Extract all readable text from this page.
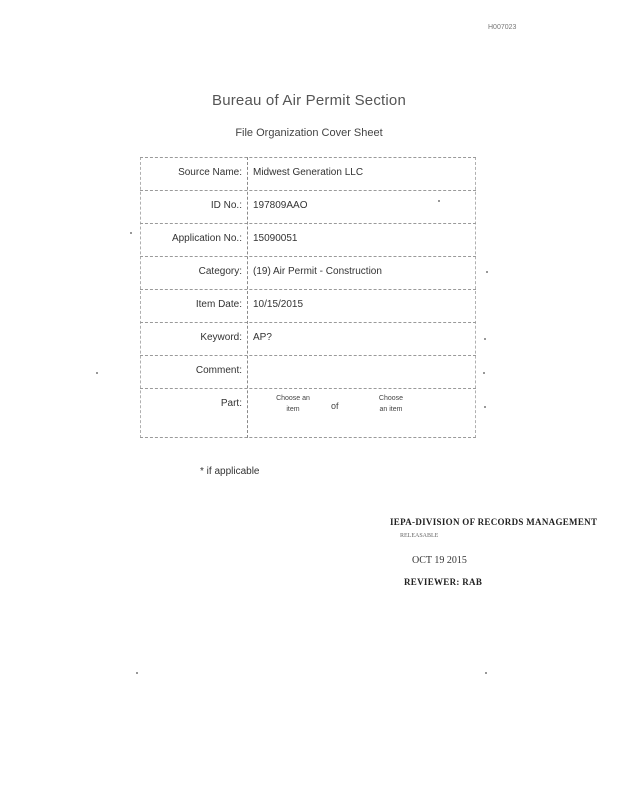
H007023
Bureau of Air Permit Section
File Organization Cover Sheet
Source Name: Midwest Generation LLC
ID No.: 197809AAO
Application No.: 15090051
Category: (19) Air Permit - Construction
Item Date: 10/15/2015
Keyword: AP?
Comment:
Part:	Choose an
item	of
Choose
an item
* if applicable
IEPA-DIVISION OF RECORDS MANAGEMENT
RELEASABLE
OCT 19 2015
REVIEWER: RAB
